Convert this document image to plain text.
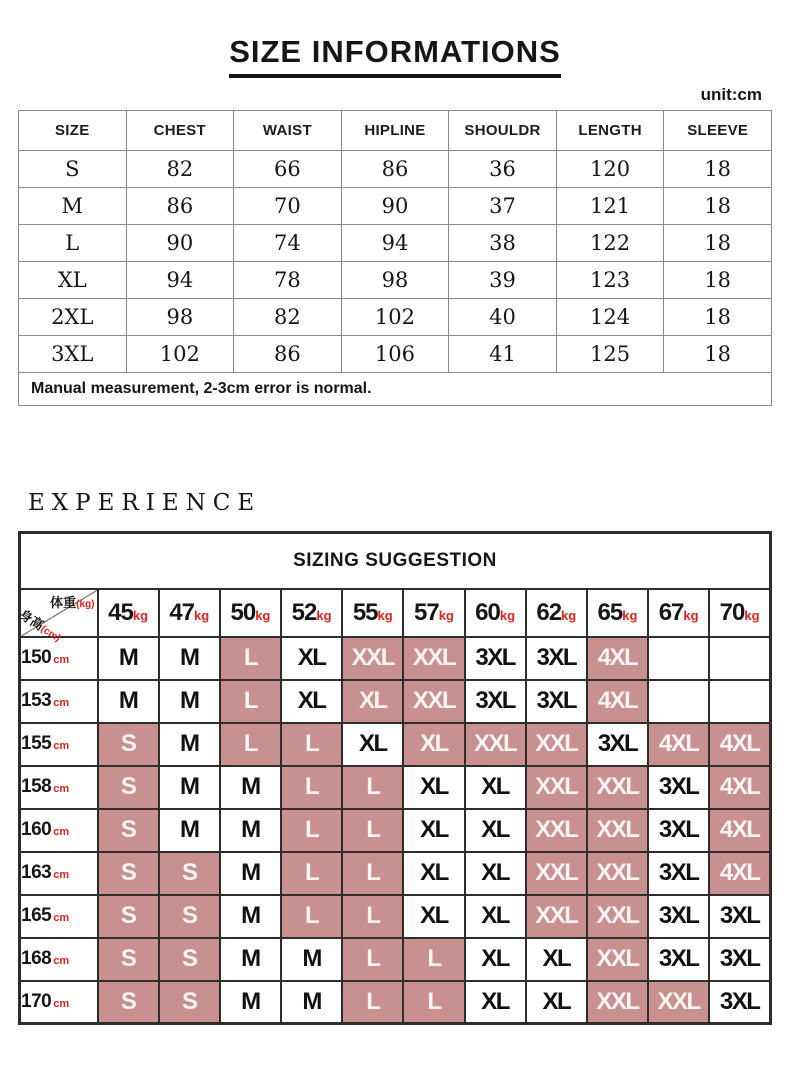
SIZE INFORMATIONS
unit:cm
SIZE	CHEST	WAIST	HIPLINE	SHOULDR	LENGTH	SLEEVE
S	82	66	86	36	120	18
M	86	70	90	37	121	18
L	90	74	94	38	122	18
XL	94	78	98	39	123	18
2XL	98	82	102	40	124	18
3XL	102	86	106	41	125	18
Manual measurement, 2-3cm error is normal.						
EXPERIENCE
SIZING SUGGESTION											

体重(kg)
身高(cm)	45kg	47kg	50kg	52kg	55kg	57kg	60kg	62kg	65kg	67kg	70kg
150 cm	M	M	L	XL	XXL	XXL	3XL	3XL	4XL		
153 cm	M	M	L	XL	XL	XXL	3XL	3XL	4XL		
155 cm	S	M	L	L	XL	XL	XXL	XXL	3XL	4XL	4XL
158 cm	S	M	M	L	L	XL	XL	XXL	XXL	3XL	4XL
160 cm	S	M	M	L	L	XL	XL	XXL	XXL	3XL	4XL
163 cm	S	S	M	L	L	XL	XL	XXL	XXL	3XL	4XL
165 cm	S	S	M	L	L	XL	XL	XXL	XXL	3XL	3XL
168 cm	S	S	M	M	L	L	XL	XL	XXL	3XL	3XL
170 cm	S	S	M	M	L	L	XL	XL	XXL	XXL	3XL
